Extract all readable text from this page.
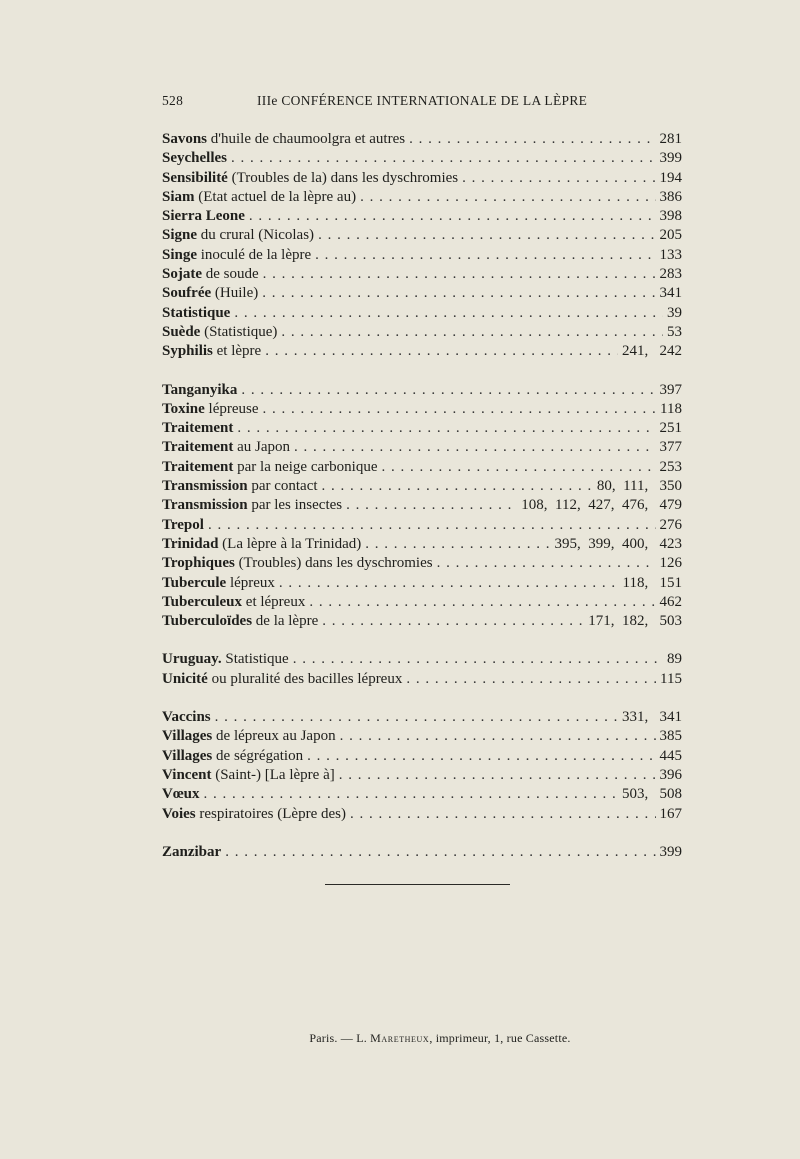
528	IIIe CONFÉRENCE INTERNATIONALE DE LA LÈPRE
Savons d'huile de chaumoolgra et autres . . .	281
Seychelles . . .	399
Sensibilité (Troubles de la) dans les dyschromies . . .	194
Siam (Etat actuel de la lèpre au) . . .	386
Sierra Leone . . .	398
Signe du crural (Nicolas) . . .	205
Singe inoculé de la lèpre . . .	133
Sojate de soude . . .	283
Soufrée (Huile) . . .	341
Statistique . . .	39
Suède (Statistique) . . .	53
Syphilis et lèpre . . .	241,   242
Tanganyika . . .	397
Toxine lépreuse . . .	118
Traitement . . .	251
Traitement au Japon . . .	377
Traitement par la neige carbonique . . .	253
Transmission par contact . . .	80,  111,   350
Transmission par les insectes . . .	108,  112,  427,  476,   479
Trepol . . .	276
Trinidad (La lèpre à la Trinidad) . . .	395,  399,  400,   423
Trophiques (Troubles) dans les dyschromies . . .	126
Tubercule lépreux . . .	118,   151
Tuberculeux et lépreux . . .	462
Tuberculoïdes de la lèpre . . .	171,  182,   503
Uruguay. Statistique . . .	89
Unicité ou pluralité des bacilles lépreux . . .	115
Vaccins . . .	331,   341
Villages de lépreux au Japon . . .	385
Villages de ségrégation . . .	445
Vincent (Saint-) [La lèpre à] . . .	396
Vœux . . .	503,   508
Voies respiratoires (Lèpre des) . . .	167
Zanzibar . . .	399
Paris. — L. Maretheux, imprimeur, 1, rue Cassette.
